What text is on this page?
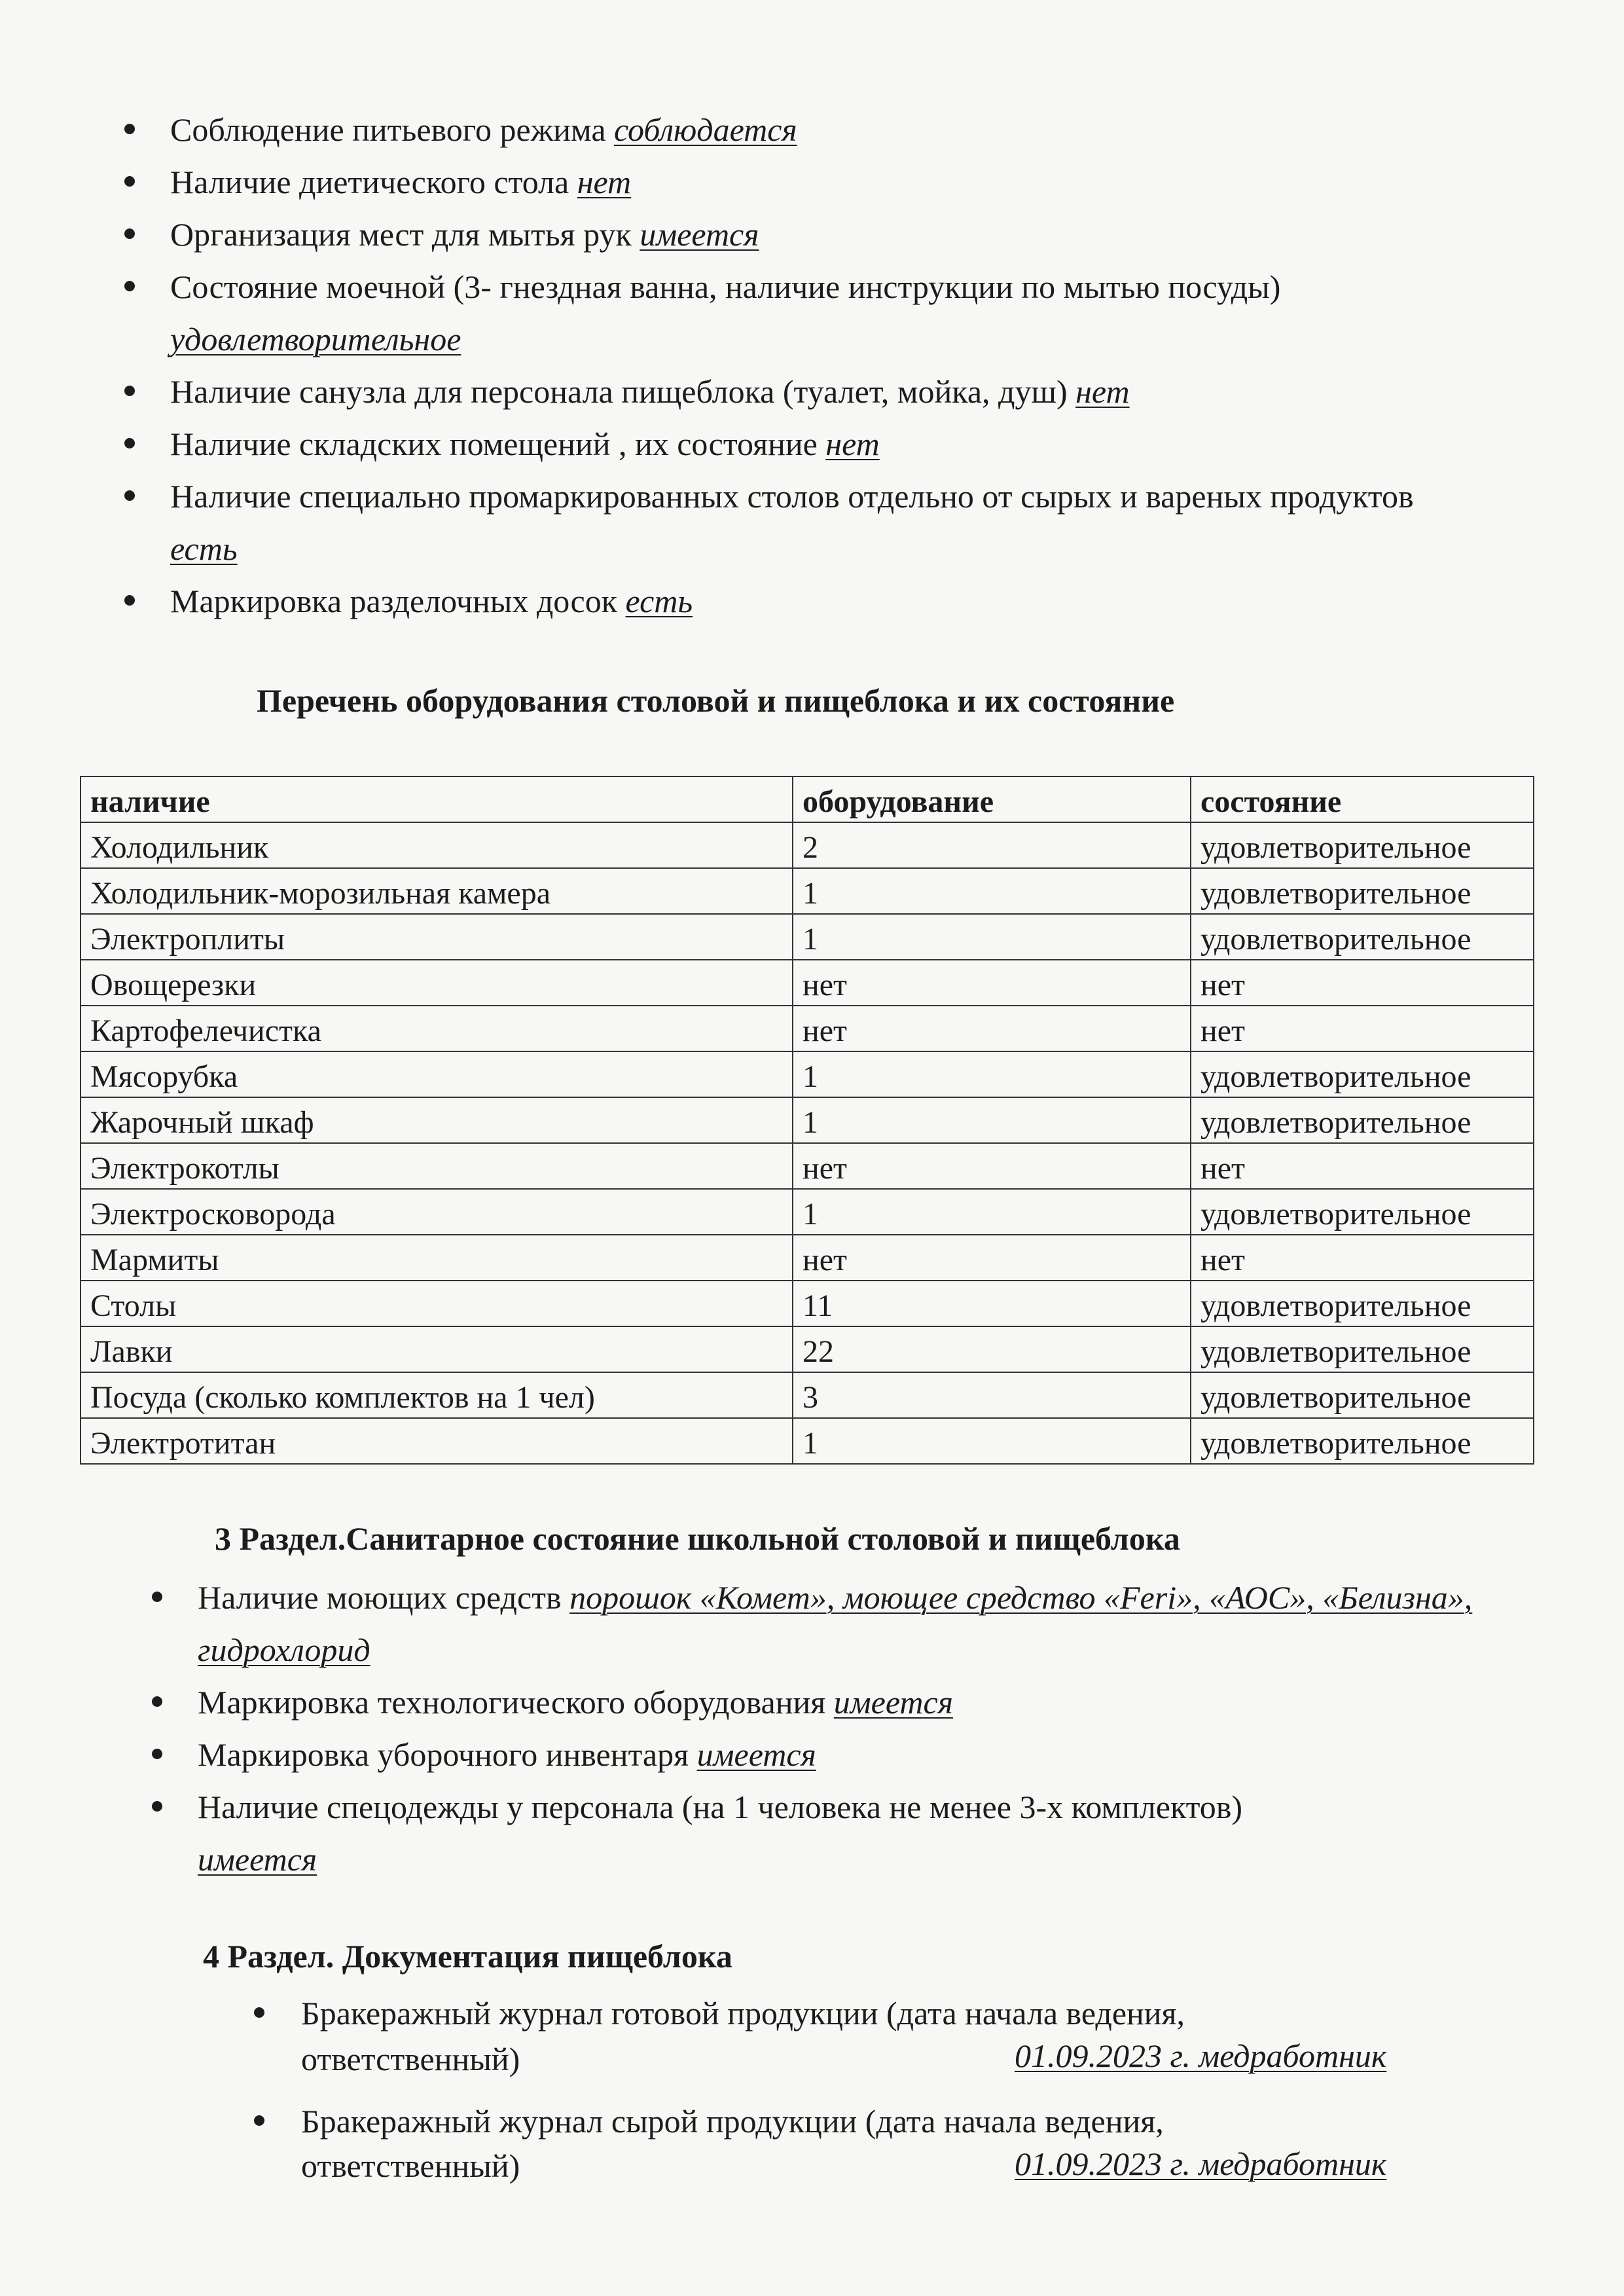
Соблюдение питьевого режима соблюдается
Наличие диетического стола нет
Организация мест для мытья рук имеется
Состояние моечной (3- гнездная ванна, наличие инструкции по мытью посуды)
удовлетворительное
Наличие санузла для персонала пищеблока (туалет, мойка, душ) нет
Наличие складских помещений , их состояние нет
Наличие специально промаркированных столов отдельно от сырых и вареных продуктов есть
Маркировка разделочных досок есть
Перечень оборудования столовой и пищеблока и их состояние
наличие	оборудование	состояние
Холодильник	2	удовлетворительное
Холодильник-морозильная камера	1	удовлетворительное
Электроплиты	1	удовлетворительное
Овощерезки	нет	нет
Картофелечистка	нет	нет
Мясорубка	1	удовлетворительное
Жарочный шкаф	1	удовлетворительное
Электрокотлы	нет	нет
Электросковорода	1	удовлетворительное
Мармиты	нет	нет
Столы	11	удовлетворительное
Лавки	22	удовлетворительное
Посуда (сколько комплектов на 1 чел)	3	удовлетворительное
Электротитан	1	удовлетворительное
3 Раздел.Санитарное состояние школьной столовой и пищеблока
Наличие моющих средств порошок «Комет», моющее средство «Feri», «АОС», «Белизна», гидрохлорид
Маркировка технологического оборудования имеется
Маркировка уборочного инвентаря имеется
Наличие спецодежды у персонала (на 1 человека не менее 3-х комплектов)
имеется
4 Раздел. Документация пищеблока
Бракеражный журнал готовой продукции (дата начала ведения,
ответственный)	01.09.2023 г. медработник
Бракеражный журнал сырой продукции (дата начала ведения,
ответственный)	01.09.2023 г. медработник
